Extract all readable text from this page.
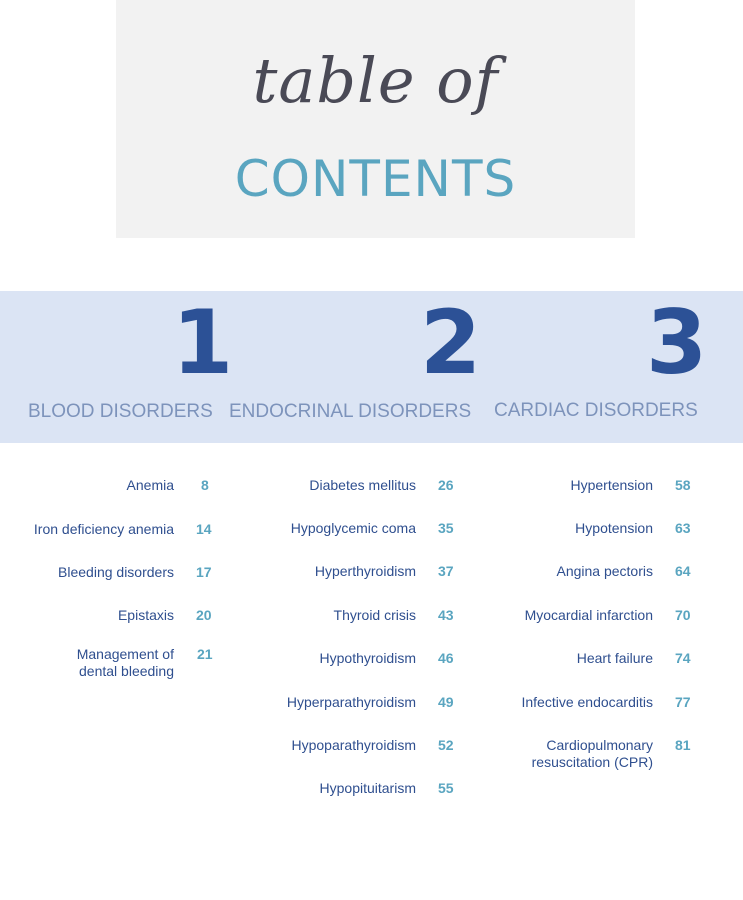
table of
CONTENTS
1 2 3
BLOOD DISORDERS ENDOCRINAL DISORDERS CARDIAC DISORDERS
Anemia 8
Iron deficiency anemia 14
Bleeding disorders 17
Epistaxis 20
Management of dental bleeding
21
Diabetes mellitus 26
Hypoglycemic coma 35
Hyperthyroidism 37
Thyroid crisis 43
Hypothyroidism 46
Hyperparathyroidism 49
Hypoparathyroidism 52
Hypopituitarism 55
Hypertension 58
Hypotension 63
Angina pectoris 64
Myocardial infarction 70
Heart failure 74
Infective endocarditis 77
Cardiopulmonary resuscitation (CPR)
81
